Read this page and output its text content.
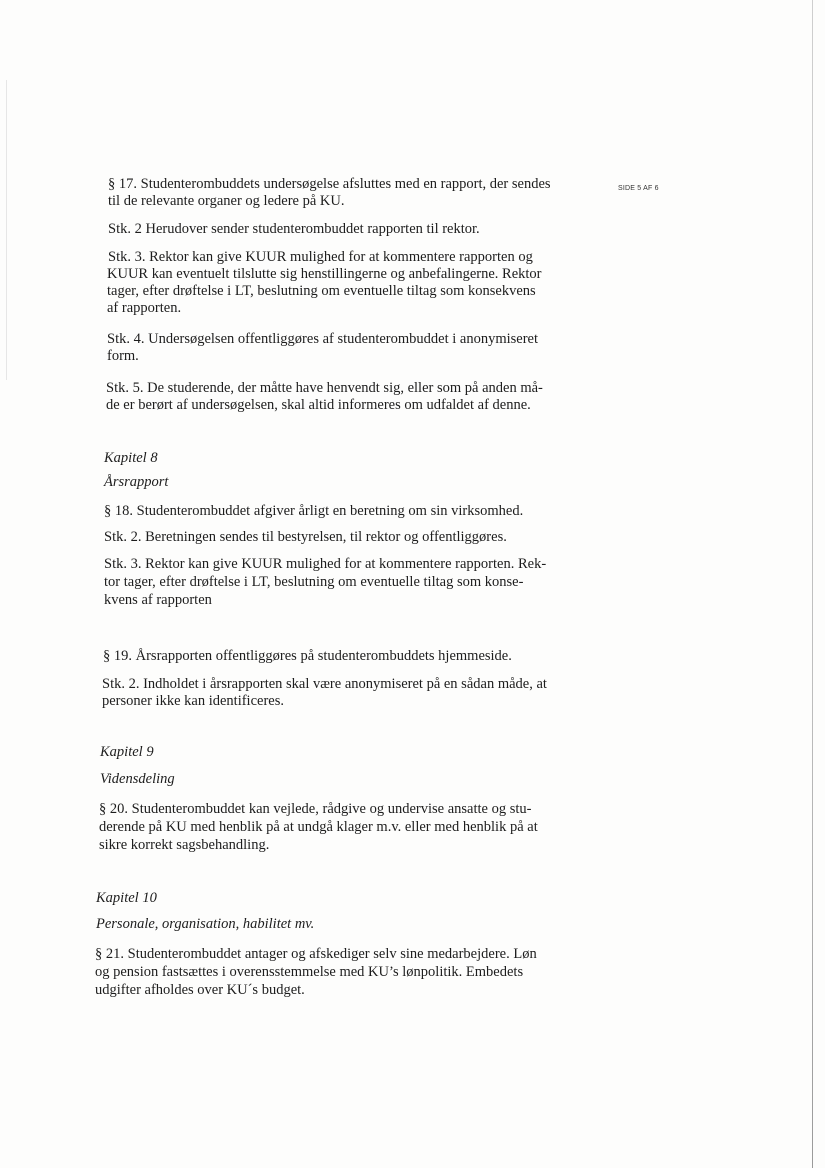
SIDE 5 AF 6
§ 17. Studenterombuddets undersøgelse afsluttes med en rapport, der sendes
til de relevante organer og ledere på KU.
Stk. 2 Herudover sender studenterombuddet rapporten til rektor.
Stk. 3. Rektor kan give KUUR mulighed for at kommentere rapporten og
KUUR kan eventuelt tilslutte sig henstillingerne og anbefalingerne. Rektor
tager, efter drøftelse i LT, beslutning om eventuelle tiltag som konsekvens
af rapporten.
Stk. 4. Undersøgelsen offentliggøres af studenterombuddet i anonymiseret
form.
Stk. 5. De studerende, der måtte have henvendt sig, eller som på anden må-
de er berørt af undersøgelsen, skal altid informeres om udfaldet af denne.
Kapitel 8
Årsrapport
§ 18. Studenterombuddet afgiver årligt en beretning om sin virksomhed.
Stk. 2. Beretningen sendes til bestyrelsen, til rektor og offentliggøres.
Stk. 3. Rektor kan give KUUR mulighed for at kommentere rapporten. Rek-
tor tager, efter drøftelse i LT, beslutning om eventuelle tiltag som konse-
kvens af rapporten
§ 19. Årsrapporten offentliggøres på studenterombuddets hjemmeside.
Stk. 2. Indholdet i årsrapporten skal være anonymiseret på en sådan måde, at
personer ikke kan identificeres.
Kapitel 9
Vidensdeling
§ 20. Studenterombuddet kan vejlede, rådgive og undervise ansatte og stu-
derende på KU med henblik på at undgå klager m.v. eller med henblik på at
sikre korrekt sagsbehandling.
Kapitel 10
Personale, organisation, habilitet mv.
§ 21. Studenterombuddet antager og afskediger selv sine medarbejdere. Løn
og pension fastsættes i overensstemmelse med KU’s lønpolitik. Embedets
udgifter afholdes over KU´s budget.
